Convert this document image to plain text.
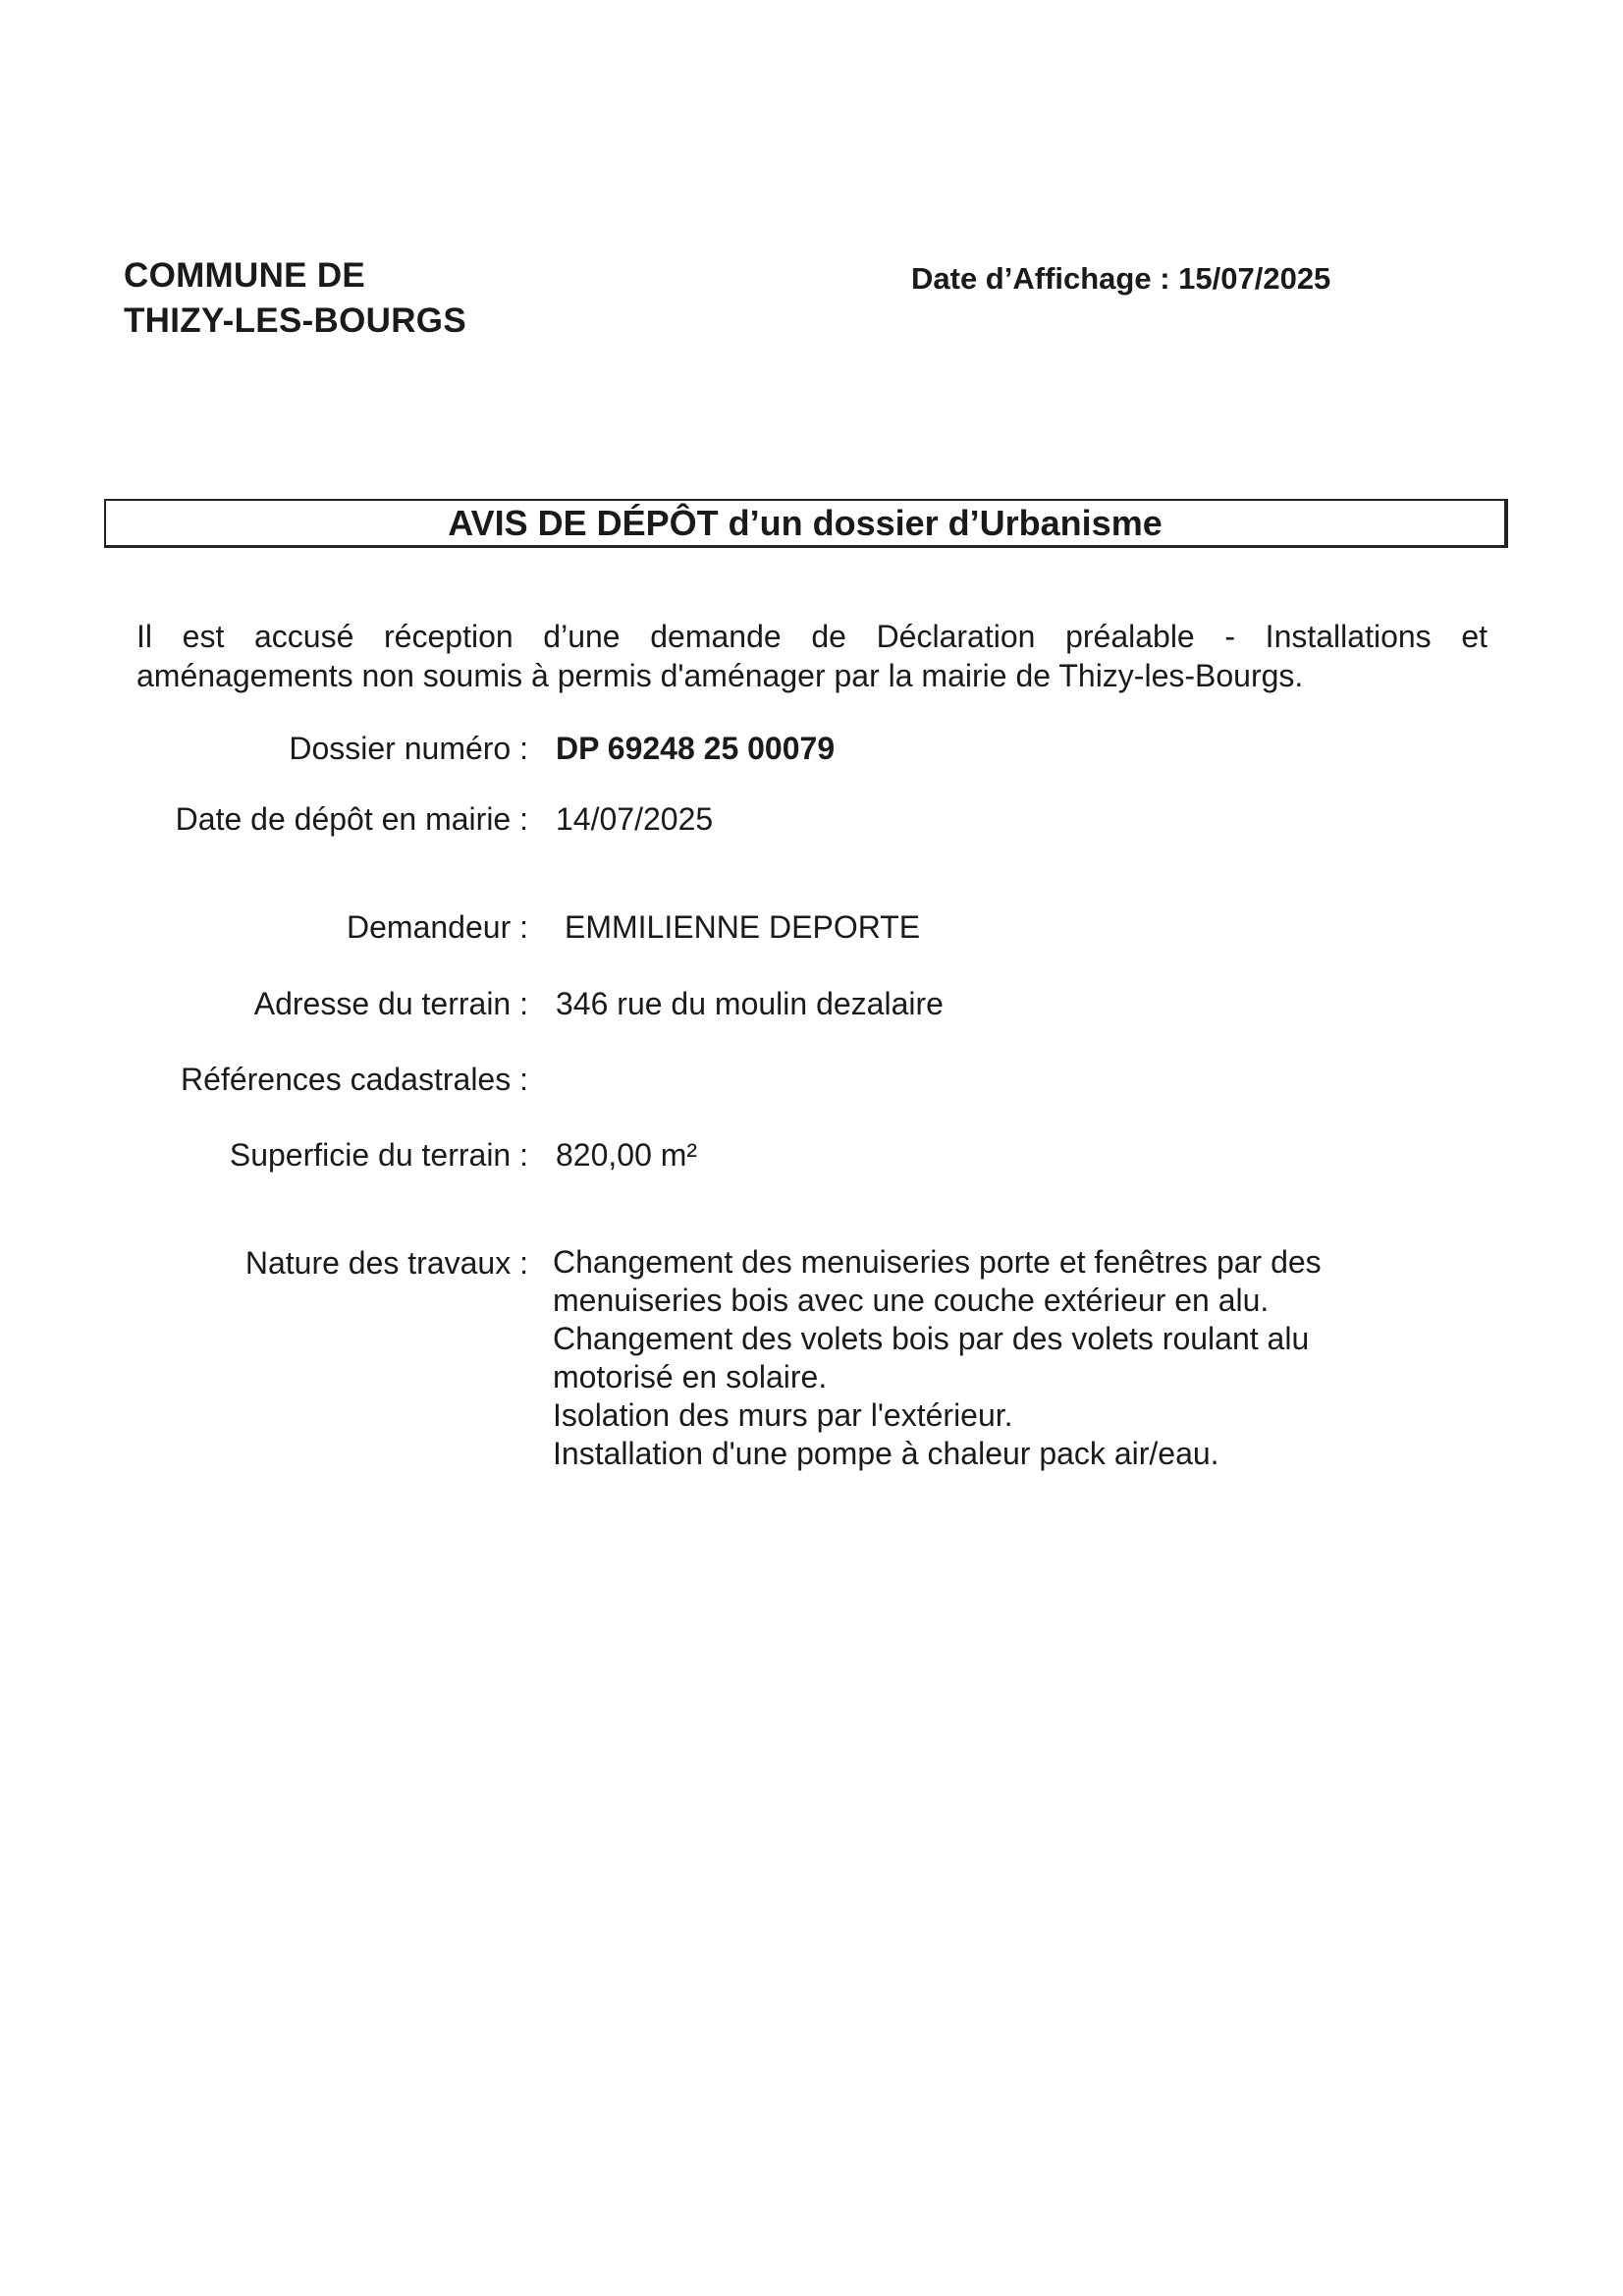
COMMUNE DE
THIZY-LES-BOURGS
Date d’Affichage : 15/07/2025
AVIS DE DÉPÔT d’un dossier d’Urbanisme
Il est accusé réception d’une demande de Déclaration préalable - Installations et
aménagements non soumis à permis d'aménager par la mairie de Thizy-les-Bourgs.
Dossier numéro : DP 69248 25 00079
Date de dépôt en mairie : 14/07/2025
Demandeur : EMMILIENNE DEPORTE
Adresse du terrain : 346 rue du moulin dezalaire
Références cadastrales :
Superficie du terrain : 820,00 m²
Nature des travaux : Changement des menuiseries porte et fenêtres par des
menuiseries bois avec une couche extérieur en alu.
Changement des volets bois par des volets roulant alu
motorisé en solaire.
Isolation des murs par l'extérieur.
Installation d'une pompe à chaleur pack air/eau.
